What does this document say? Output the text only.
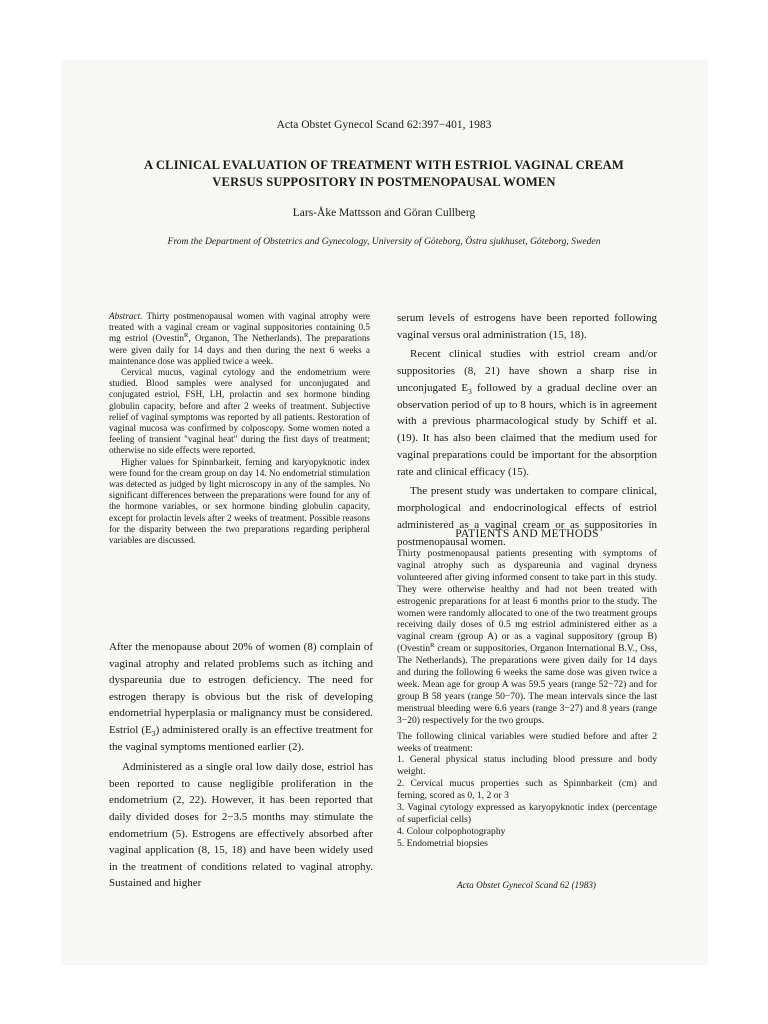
Acta Obstet Gynecol Scand 62:397−401, 1983
A CLINICAL EVALUATION OF TREATMENT WITH ESTRIOL VAGINAL CREAM
VERSUS SUPPOSITORY IN POSTMENOPAUSAL WOMEN
Lars-Åke Mattsson and Göran Cullberg
From the Department of Obstetrics and Gynecology, University of Göteborg, Östra sjukhuset, Göteborg, Sweden

Abstract. Thirty postmenopausal women with vaginal atrophy were treated with a vaginal cream or vaginal suppositories containing 0.5 mg estriol (Ovestin$^R$, Organon, The Netherlands). The preparations were given daily for 14 days and then during the next 6 weeks a maintenance dose was applied twice a week.

Cervical mucus, vaginal cytology and the endometrium were studied. Blood samples were analysed for unconjugated and conjugated estriol, FSH, LH, prolactin and sex hormone binding globulin capacity, before and after 2 weeks of treatment. Subjective relief of vaginal symptoms was reported by all patients. Restoration of vaginal mucosa was confirmed by colposcopy. Some women noted a feeling of transient "vaginal heat" during the first days of treatment; otherwise no side effects were reported.

Higher values for Spinnbarkeit, ferning and karyopyknotic index were found for the cream group on day 14. No endometrial stimulation was detected as judged by light microscopy in any of the samples. No significant differences between the preparations were found for any of the hormone variables, or sex hormone binding globulin capacity, except for prolactin levels after 2 weeks of treatment. Possible reasons for the disparity between the two preparations regarding peripheral variables are discussed.

After the menopause about 20% of women (8) complain of vaginal atrophy and related problems such as itching and dyspareunia due to estrogen deficiency. The need for estrogen therapy is obvious but the risk of developing endometrial hyperplasia or malignancy must be considered. Estriol $(E_3)$ administered orally is an effective treatment for the vaginal symptoms mentioned earlier (2).

Administered as a single oral low daily dose, estriol has been reported to cause negligible proliferation in the endometrium (2, 22). However, it has been reported that daily divided doses for 2−3.5 months may stimulate the endometrium (5). Estrogens are effectively absorbed after vaginal application (8, 15, 18) and have been widely used in the treatment of conditions related to vaginal atrophy. Sustained and higher

serum levels of estrogens have been reported following vaginal versus oral administration (15, 18).

Recent clinical studies with estriol cream and/or suppositories (8, 21) have shown a sharp rise in unconjugated $E_3$ followed by a gradual decline over an observation period of up to 8 hours, which is in agreement with a previous pharmacological study by Schiff et al. (19). It has also been claimed that the medium used for vaginal preparations could be important for the absorption rate and clinical efficacy (15).

The present study was undertaken to compare clinical, morphological and endocrinological effects of estriol administered as a vaginal cream or as suppositories in postmenopausal women.

PATIENTS AND METHODS

Thirty postmenopausal patients presenting with symptoms of vaginal atrophy such as dyspareunia and vaginal dryness volunteered after giving informed consent to take part in this study. They were otherwise healthy and had not been treated with estrogenic preparations for at least 6 months prior to the study. The women were randomly allocated to one of the two treatment groups receiving daily doses of 0.5 mg estriol administered either as a vaginal cream (group A) or as a vaginal suppository (group B) (Ovestin$^R$ cream or suppositories, Organon International B.V., Oss, The Netherlands). The preparations were given daily for 14 days and during the following 6 weeks the same dose was given twice a week. Mean age for group A was 59.5 years (range 52−72) and for group B 58 years (range 50−70). The mean intervals since the last menstrual bleeding were 6.6 years (range 3−27) and 8 years (range 3−20) respectively for the two groups.

The following clinical variables were studied before and after 2 weeks of treatment:

1. General physical status including blood pressure and body weight.
2. Cervical mucus properties such as Spinnbarkeit (cm) and ferning, scored as 0, 1, 2 or 3
3. Vaginal cytology expressed as karyopyknotic index (percentage of superficial cells)
4. Colour colpophotography
5. Endometrial biopsies
Acta Obstet Gynecol Scand 62 (1983)
